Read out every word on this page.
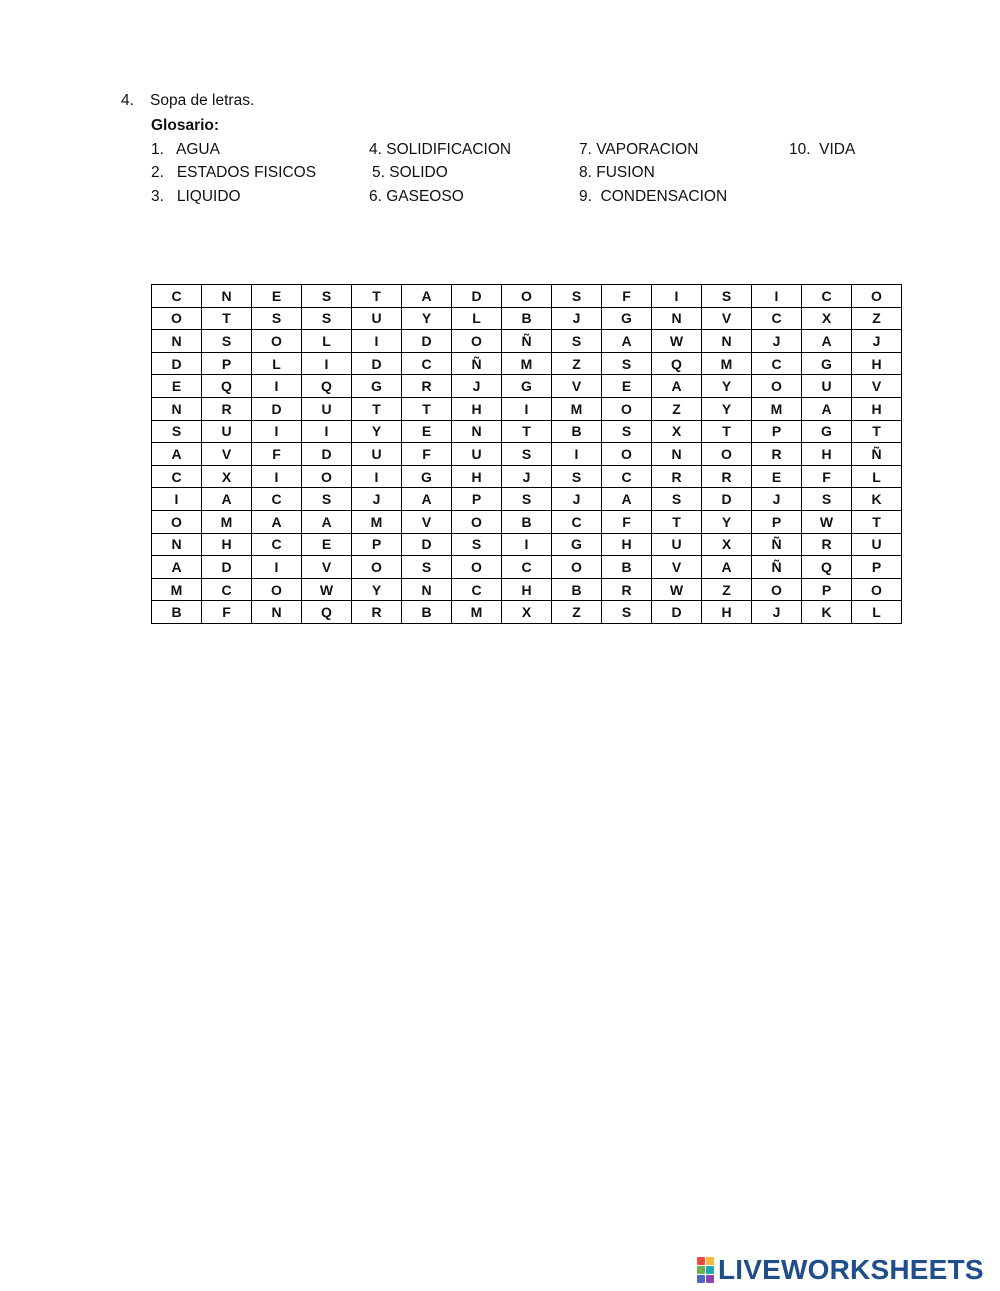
4. Sopa de letras.
Glosario:
1.   AGUA
2.   ESTADOS FISICOS
3.   LIQUIDO
4. SOLIDIFICACION
5. SOLIDO
6. GASEOSO
7. VAPORACION
8. FUSION
9.  CONDENSACION
10.  VIDA
C	N	E	S	T	A	D	O	S	F	I	S	I	C	O
O	T	S	S	U	Y	L	B	J	G	N	V	C	X	Z
N	S	O	L	I	D	O	Ñ	S	A	W	N	J	A	J
D	P	L	I	D	C	Ñ	M	Z	S	Q	M	C	G	H
E	Q	I	Q	G	R	J	G	V	E	A	Y	O	U	V
N	R	D	U	T	T	H	I	M	O	Z	Y	M	A	H
S	U	I	I	Y	E	N	T	B	S	X	T	P	G	T
A	V	F	D	U	F	U	S	I	O	N	O	R	H	Ñ
C	X	I	O	I	G	H	J	S	C	R	R	E	F	L
I	A	C	S	J	A	P	S	J	A	S	D	J	S	K
O	M	A	A	M	V	O	B	C	F	T	Y	P	W	T
N	H	C	E	P	D	S	I	G	H	U	X	Ñ	R	U
A	D	I	V	O	S	O	C	O	B	V	A	Ñ	Q	P
M	C	O	W	Y	N	C	H	B	R	W	Z	O	P	O
B	F	N	Q	R	B	M	X	Z	S	D	H	J	K	L
LIVEWORKSHEETS
